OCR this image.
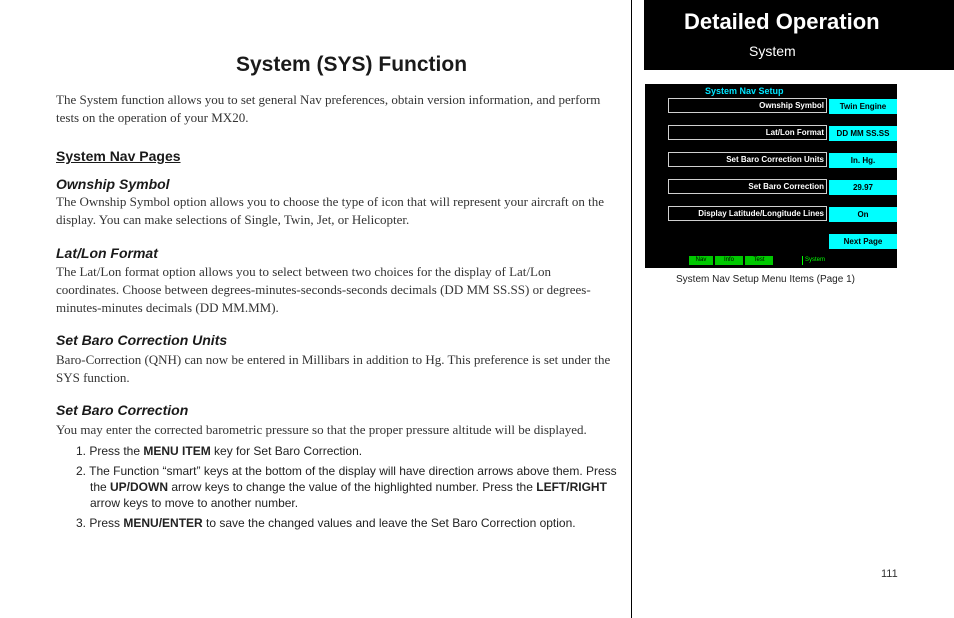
Detailed Operation
System
System (SYS) Function
The System function allows you to set general Nav preferences, obtain version information, and perform tests on the operation of your MX20.
System Nav Pages
Ownship Symbol
The Ownship Symbol option allows you to choose the type of icon that will represent your aircraft on the display. You can make selections of Single, Twin, Jet, or Helicopter.
Lat/Lon Format
The Lat/Lon format option allows you to select between two choices for the display of Lat/Lon coordinates. Choose between degrees-minutes-seconds-seconds decimals (DD MM SS.SS) or degrees-minutes-minutes decimals (DD MM.MM).
Set Baro Correction Units
Baro-Correction (QNH) can now be entered in Millibars in addition to Hg. This preference is set under the SYS function.
Set Baro Correction
You may enter the corrected barometric pressure so that the proper pressure altitude will be displayed.
1. Press the MENU ITEM key for Set Baro Correction.
2. The Function “smart” keys at the bottom of the display will have direction arrows above them. Press the UP/DOWN arrow keys to change the value of the highlighted number. Press the LEFT/RIGHT arrow keys to move to another number.
3. Press MENU/ENTER to save the changed values and leave the Set Baro Correction option.
System Nav Setup
Ownship Symbol	Twin Engine
Lat/Lon Format	DD MM SS.SS
Set Baro Correction Units	In. Hg.
Set Baro Correction	29.97
Display Latitude/Longitude Lines	On
Next Page
Nav	Info	Test	System
System Nav Setup Menu Items (Page 1)
111
